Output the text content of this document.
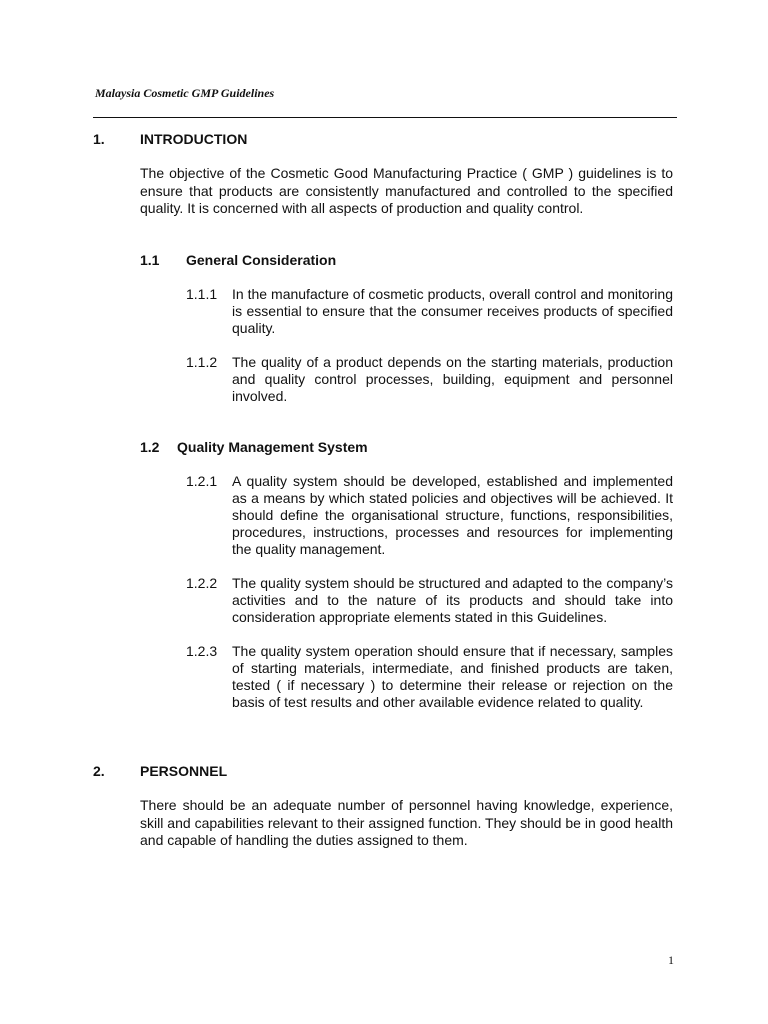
Malaysia Cosmetic GMP Guidelines
1.	INTRODUCTION
The objective of the Cosmetic Good Manufacturing Practice ( GMP ) guidelines is to ensure that products are consistently manufactured and controlled to the specified quality. It is concerned with all aspects of production and quality control.
1.1 General Consideration
1.1.1 In the manufacture of cosmetic products, overall control and monitoring is essential to ensure that the consumer receives products of specified quality.
1.1.2 The quality of a product depends on the starting materials, production and quality control processes, building, equipment and personnel involved.
1.2 Quality Management System
1.2.1 A quality system should be developed, established and implemented as a means by which stated policies and objectives will be achieved. It should define the organisational structure, functions, responsibilities, procedures, instructions, processes and resources for implementing the quality management.
1.2.2 The quality system should be structured and adapted to the company’s activities and to the nature of its products and should take into consideration appropriate elements stated in this Guidelines.
1.2.3 The quality system operation should ensure that if necessary, samples of starting materials, intermediate, and finished products are taken, tested ( if necessary ) to determine their release or rejection on the basis of test results and other available evidence related to quality.
2.	PERSONNEL
There should be an adequate number of personnel having knowledge, experience, skill and capabilities relevant to their assigned function. They should be in good health and capable of handling the duties assigned to them.
1
